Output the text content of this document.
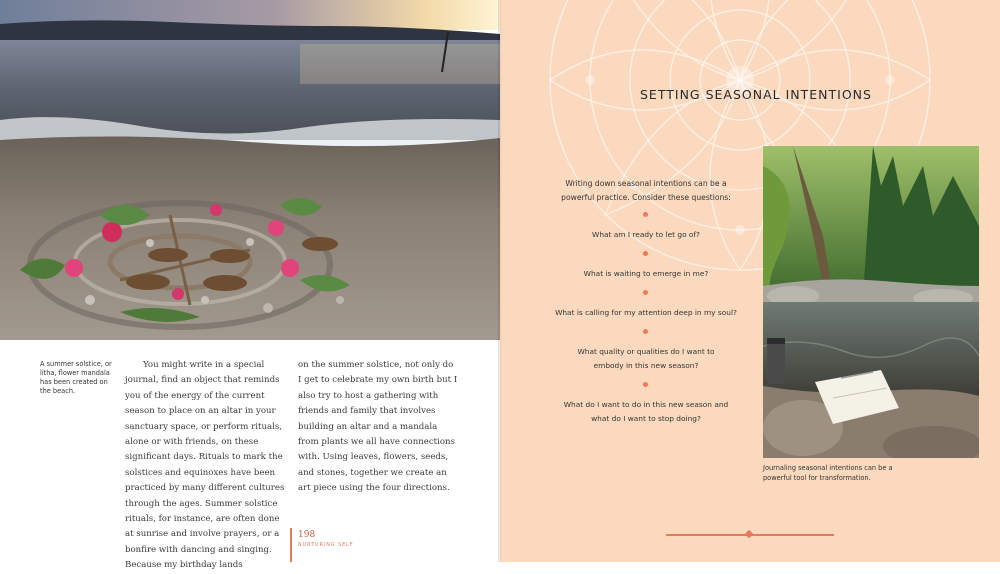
A summer solstice, or litha, flower mandala has been created on the beach.
You might write in a special journal, find an object that reminds you of the energy of the current season to place on an altar in your sanctuary space, or perform rituals, alone or with friends, on these significant days. Rituals to mark the solstices and equinoxes have been practiced by many different cultures through the ages. Summer solstice rituals, for instance, are often done at sunrise and involve prayers, or a bonfire with dancing and singing. Because my birthday lands
on the summer solstice, not only do I get to celebrate my own birth but I also try to host a gathering with friends and family that involves building an altar and a mandala from plants we all have connections with. Using leaves, flowers, seeds, and stones, together we create an art piece using the four directions.
198
NURTURING SELF
SETTING SEASONAL INTENTIONS
Writing down seasonal intentions can be a powerful practice. Consider these questions:
What am I ready to let go of?
What is waiting to emerge in me?
What is calling for my attention deep in my soul?
What quality or qualities do I want to embody in this new season?
What do I want to do in this new season and what do I want to stop doing?
Journaling seasonal intentions can be a powerful tool for transformation.
